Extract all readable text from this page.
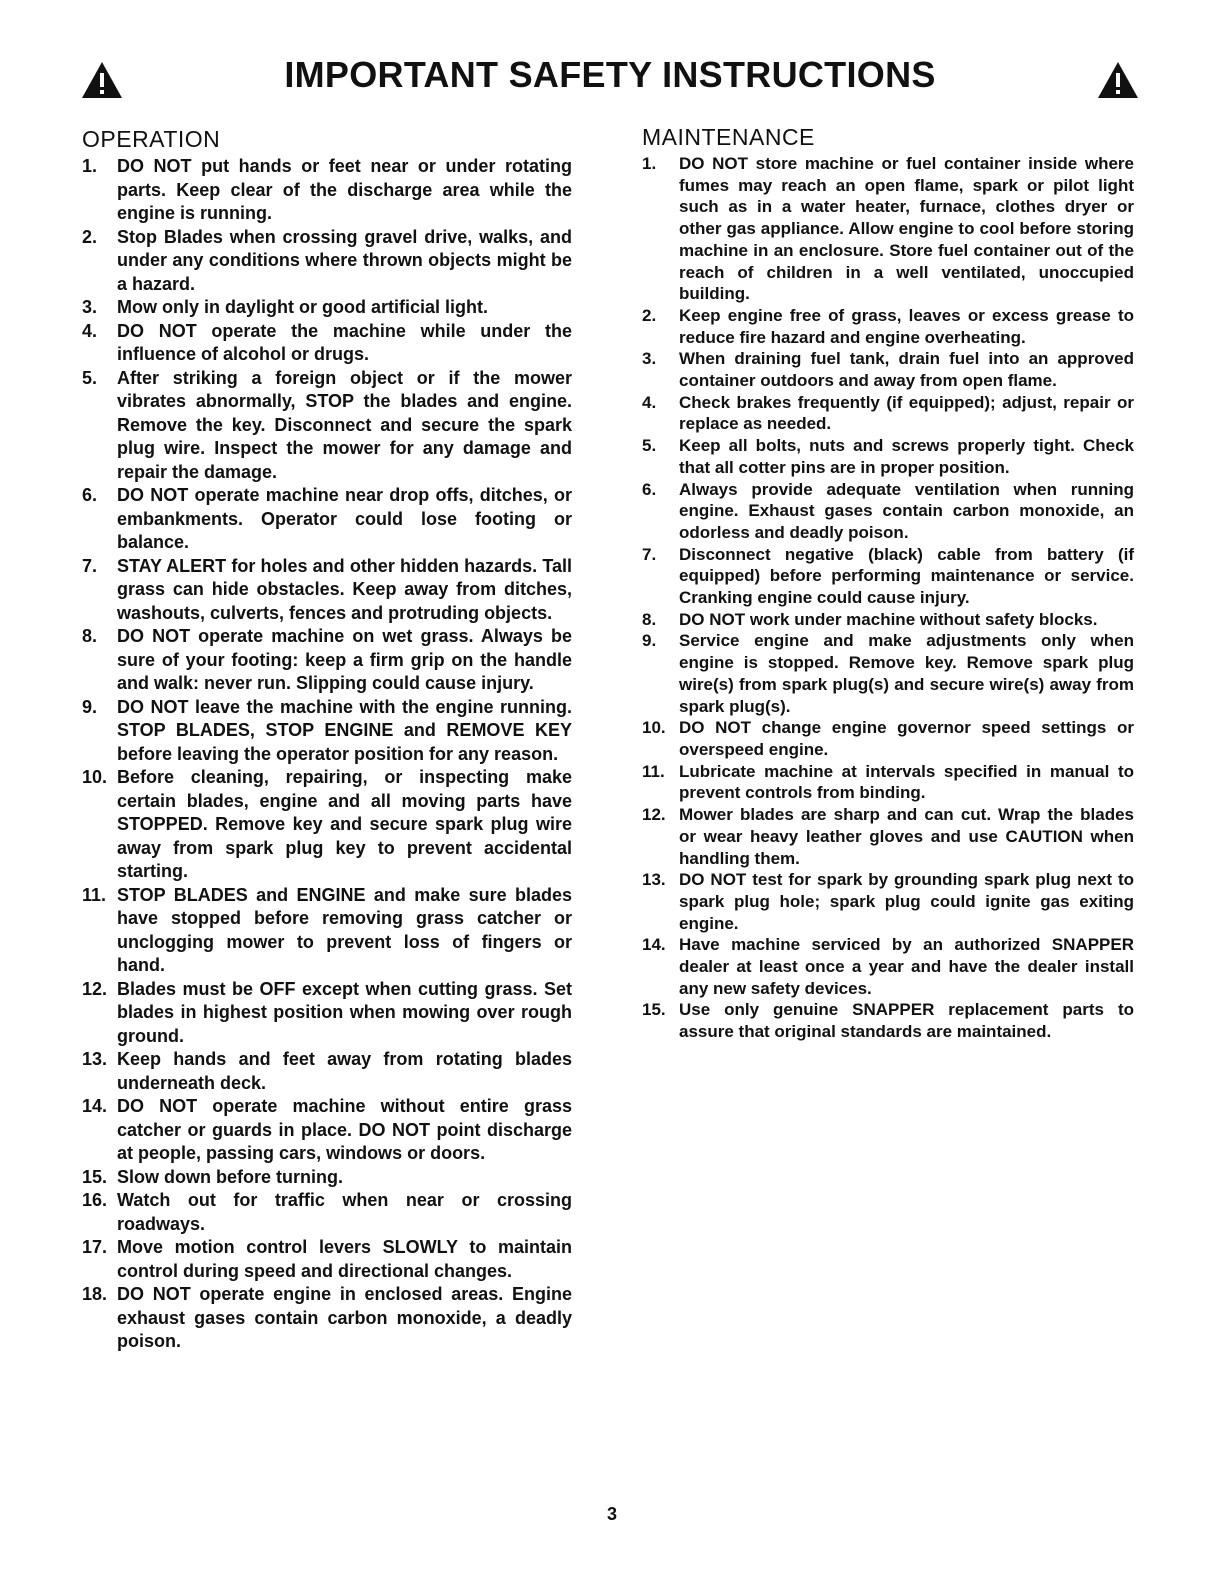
IMPORTANT SAFETY INSTRUCTIONS
OPERATION
1. DO NOT put hands or feet near or under rotating parts. Keep clear of the discharge area while the engine is running.
2. Stop Blades when crossing gravel drive, walks, and under any conditions where thrown objects might be a hazard.
3. Mow only in daylight or good artificial light.
4. DO NOT operate the machine while under the influence of alcohol or drugs.
5. After striking a foreign object or if the mower vibrates abnormally, STOP the blades and engine. Remove the key. Disconnect and secure the spark plug wire. Inspect the mower for any damage and repair the damage.
6. DO NOT operate machine near drop offs, ditches, or embankments. Operator could lose footing or balance.
7. STAY ALERT for holes and other hidden hazards. Tall grass can hide obstacles. Keep away from ditches, washouts, culverts, fences and protruding objects.
8. DO NOT operate machine on wet grass. Always be sure of your footing: keep a firm grip on the handle and walk: never run. Slipping could cause injury.
9. DO NOT leave the machine with the engine running. STOP BLADES, STOP ENGINE and REMOVE KEY before leaving the operator position for any reason.
10. Before cleaning, repairing, or inspecting make certain blades, engine and all moving parts have STOPPED. Remove key and secure spark plug wire away from spark plug key to prevent accidental starting.
11. STOP BLADES and ENGINE and make sure blades have stopped before removing grass catcher or unclogging mower to prevent loss of fingers or hand.
12. Blades must be OFF except when cutting grass. Set blades in highest position when mowing over rough ground.
13. Keep hands and feet away from rotating blades underneath deck.
14. DO NOT operate machine without entire grass catcher or guards in place. DO NOT point discharge at people, passing cars, windows or doors.
15. Slow down before turning.
16. Watch out for traffic when near or crossing roadways.
17. Move motion control levers SLOWLY to maintain control during speed and directional changes.
18. DO NOT operate engine in enclosed areas. Engine exhaust gases contain carbon monoxide, a deadly poison.
MAINTENANCE
1. DO NOT store machine or fuel container inside where fumes may reach an open flame, spark or pilot light such as in a water heater, furnace, clothes dryer or other gas appliance. Allow engine to cool before storing machine in an enclosure. Store fuel container out of the reach of children in a well ventilated, unoccupied building.
2. Keep engine free of grass, leaves or excess grease to reduce fire hazard and engine overheating.
3. When draining fuel tank, drain fuel into an approved container outdoors and away from open flame.
4. Check brakes frequently (if equipped); adjust, repair or replace as needed.
5. Keep all bolts, nuts and screws properly tight. Check that all cotter pins are in proper position.
6. Always provide adequate ventilation when running engine. Exhaust gases contain carbon monoxide, an odorless and deadly poison.
7. Disconnect negative (black) cable from battery (if equipped) before performing maintenance or service. Cranking engine could cause injury.
8. DO NOT work under machine without safety blocks.
9. Service engine and make adjustments only when engine is stopped. Remove key. Remove spark plug wire(s) from spark plug(s) and secure wire(s) away from spark plug(s).
10. DO NOT change engine governor speed settings or overspeed engine.
11. Lubricate machine at intervals specified in manual to prevent controls from binding.
12. Mower blades are sharp and can cut. Wrap the blades or wear heavy leather gloves and use CAUTION when handling them.
13. DO NOT test for spark by grounding spark plug next to spark plug hole; spark plug could ignite gas exiting engine.
14. Have machine serviced by an authorized SNAPPER dealer at least once a year and have the dealer install any new safety devices.
15. Use only genuine SNAPPER replacement parts to assure that original standards are maintained.
3
